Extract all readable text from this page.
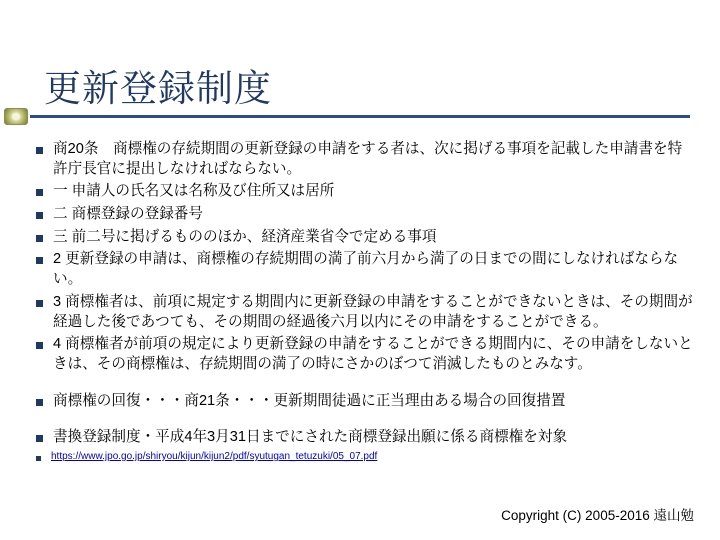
更新登録制度
商20条　商標権の存続期間の更新登録の申請をする者は、次に掲げる事項を記載した申請書を特許庁長官に提出しなければならない。
一 申請人の氏名又は名称及び住所又は居所
二 商標登録の登録番号
三 前二号に掲げるもののほか、経済産業省令で定める事項
2 更新登録の申請は、商標権の存続期間の満了前六月から満了の日までの間にしなければならない。
3 商標権者は、前項に規定する期間内に更新登録の申請をすることができないときは、その期間が経過した後であつても、その期間の経過後六月以内にその申請をすることができる。
4 商標権者が前項の規定により更新登録の申請をすることができる期間内に、その申請をしないときは、その商標権は、存続期間の満了の時にさかのぼつて消滅したものとみなす。
商標権の回復・・・商21条・・・更新期間徒過に正当理由ある場合の回復措置
書換登録制度・平成4年3月31日までにされた商標登録出願に係る商標権を対象
https://www.jpo.go.jp/shiryou/kijun/kijun2/pdf/syutugan_tetuzuki/05_07.pdf
Copyright (C) 2005-2016 遠山勉
